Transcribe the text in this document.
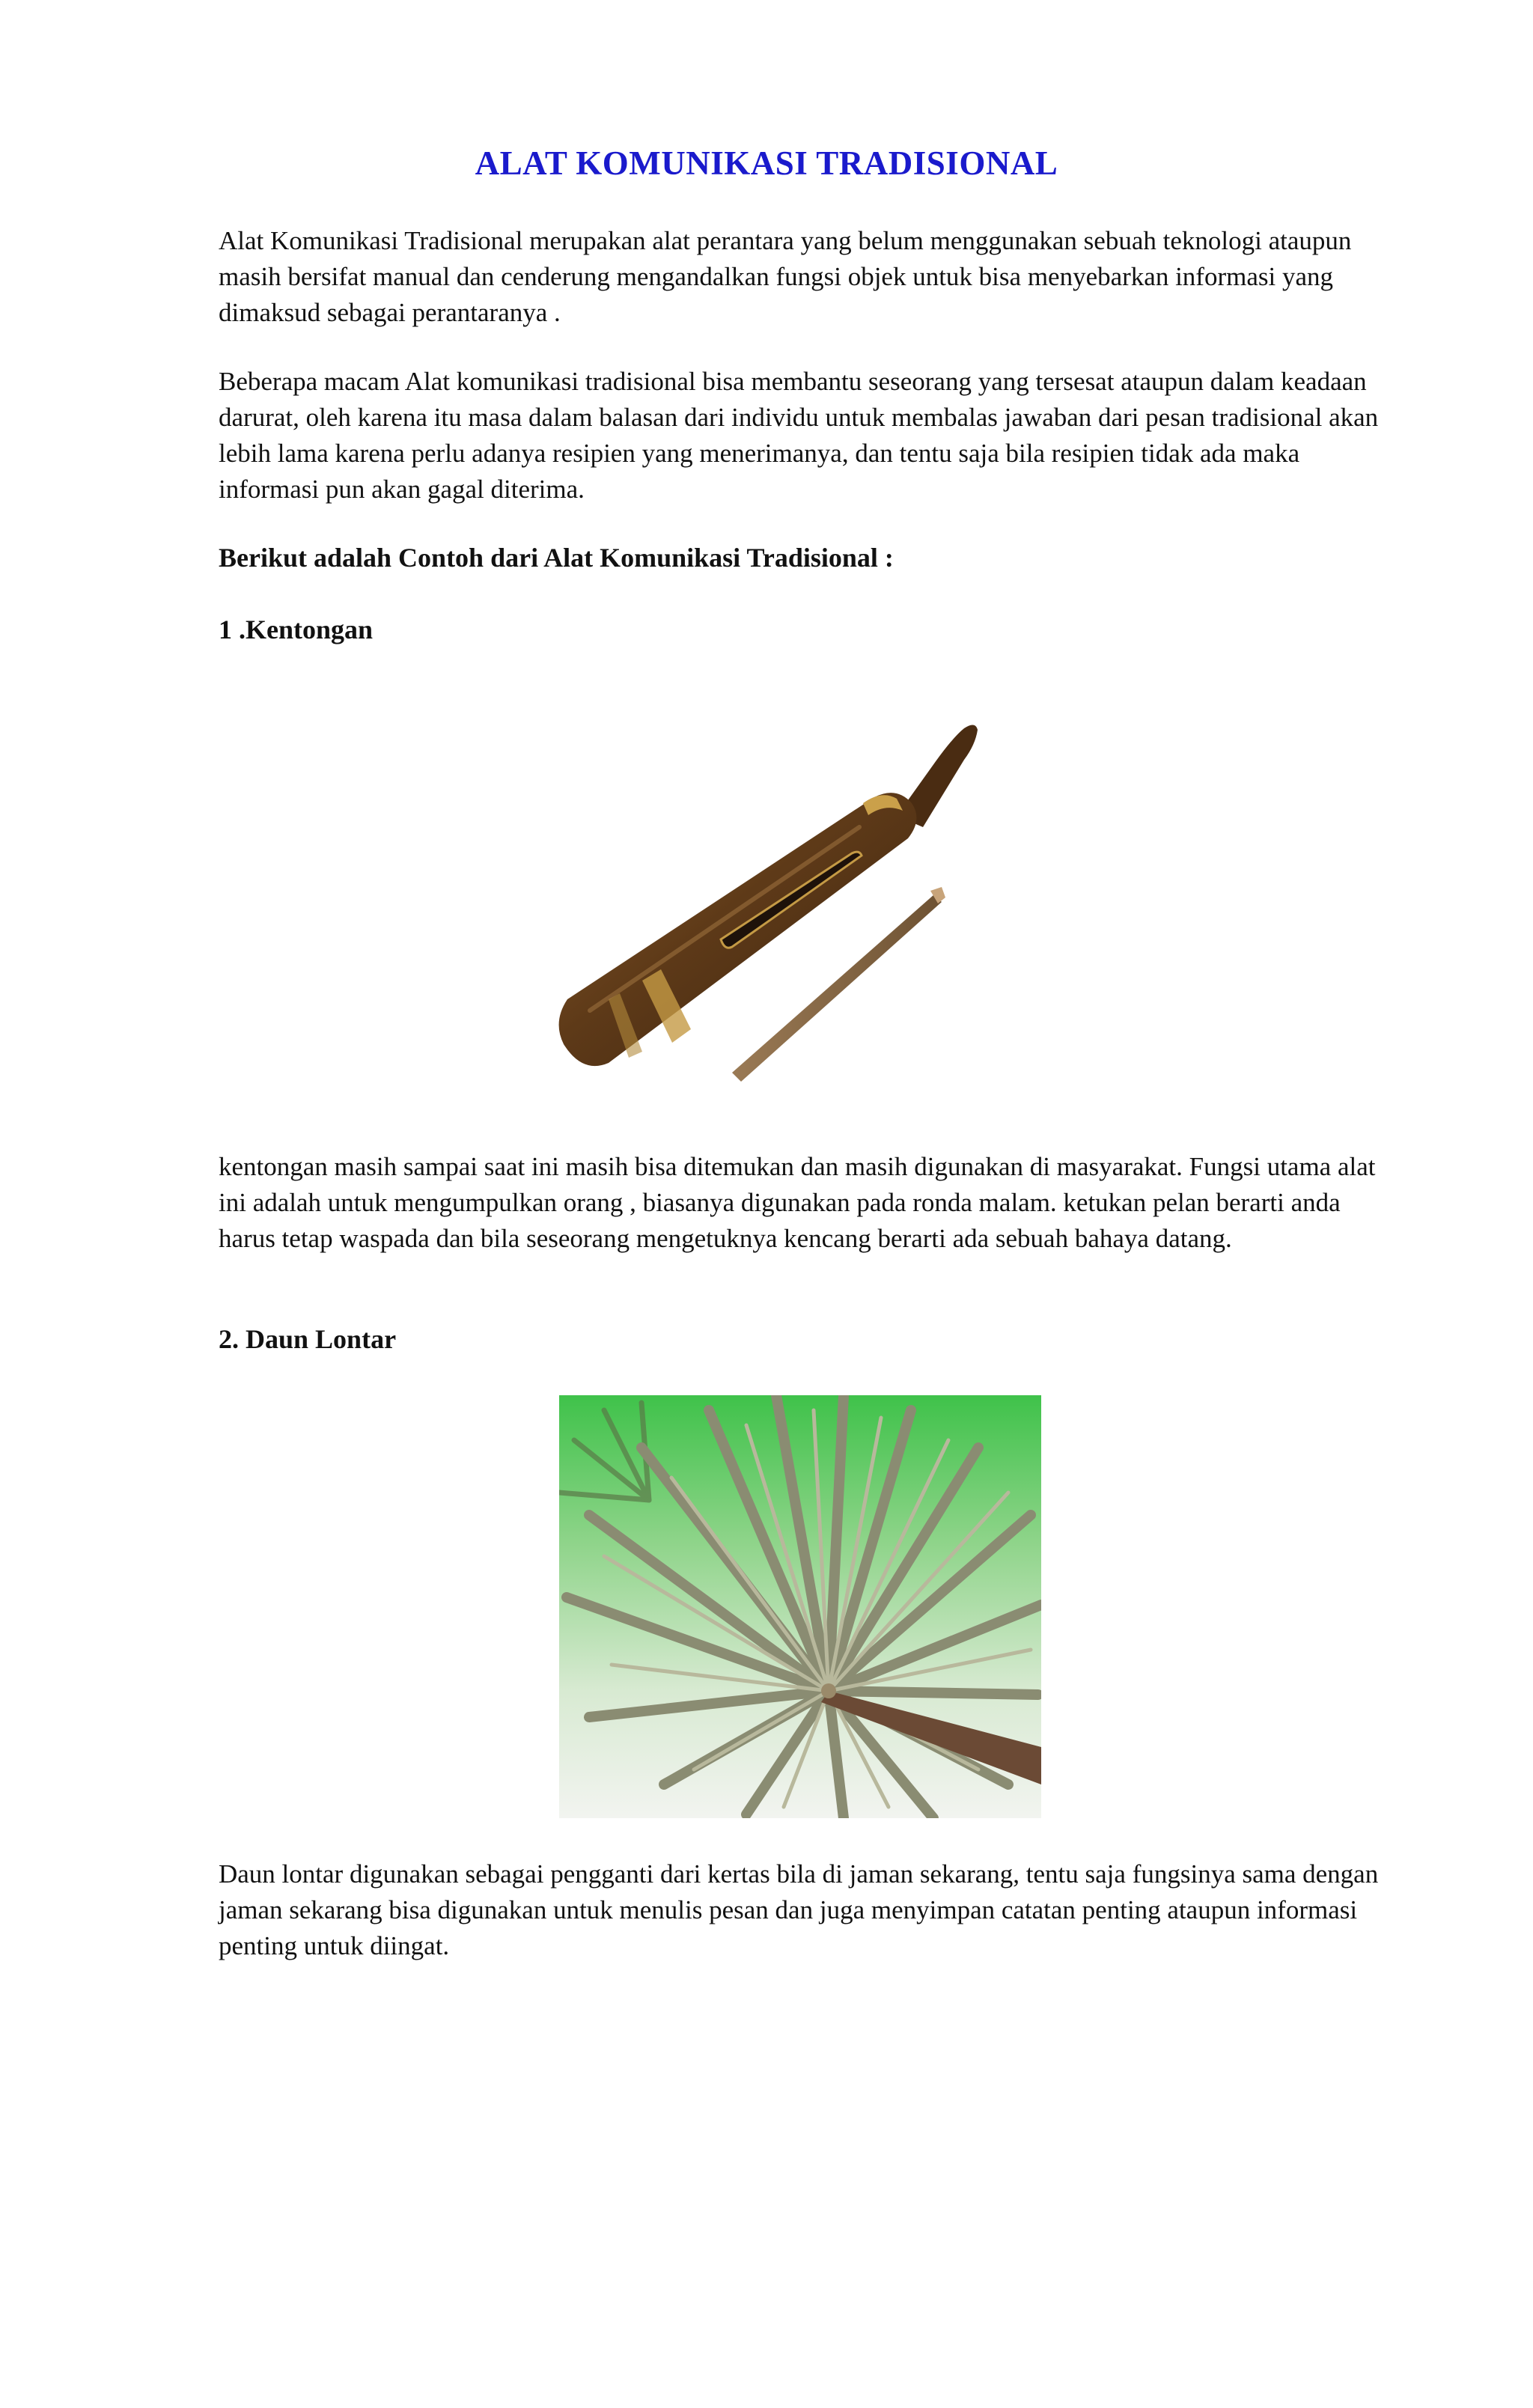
ALAT KOMUNIKASI TRADISIONAL

Alat Komunikasi Tradisional merupakan alat perantara yang belum menggunakan sebuah teknologi ataupun masih bersifat manual dan cenderung mengandalkan fungsi objek untuk bisa menyebarkan informasi yang dimaksud sebagai perantaranya .

Beberapa macam Alat komunikasi tradisional bisa membantu seseorang yang tersesat ataupun dalam keadaan darurat, oleh karena itu masa dalam balasan dari individu untuk membalas jawaban dari pesan tradisional akan lebih lama karena perlu adanya resipien yang menerimanya, dan tentu saja bila resipien tidak ada maka informasi pun akan gagal diterima.

Berikut adalah Contoh dari Alat Komunikasi Tradisional :

1 .Kentongan

kentongan masih sampai saat ini masih bisa ditemukan dan masih digunakan di masyarakat. Fungsi utama alat ini adalah untuk mengumpulkan orang , biasanya digunakan pada ronda malam. ketukan pelan berarti anda harus tetap waspada dan bila seseorang mengetuknya kencang berarti ada sebuah bahaya datang.

2. Daun Lontar

Daun lontar digunakan sebagai pengganti dari kertas bila di jaman sekarang, tentu saja fungsinya sama dengan jaman sekarang bisa digunakan untuk menulis pesan dan juga menyimpan catatan penting ataupun informasi penting untuk diingat.
